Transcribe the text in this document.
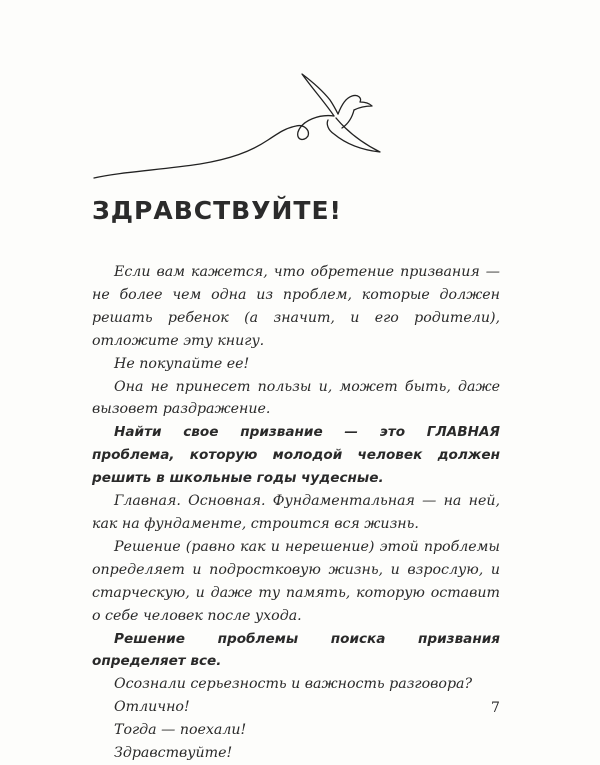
ЗДРАВСТВУЙТЕ!

Если вам кажется, что обретение призвания — не более чем одна из проблем, которые должен решать ребенок (а значит, и его родители), отложите эту книгу.

Не покупайте ее!

Она не принесет пользы и, может быть, даже вызовет раздражение.

Найти свое призвание — это ГЛАВНАЯ проблема, которую молодой человек должен решить в школьные годы чудесные.

Главная. Основная. Фундаментальная — на ней, как на фундаменте, строится вся жизнь.

Решение (равно как и нерешение) этой проблемы определяет и подростковую жизнь, и взрослую, и старческую, и даже ту память, которую оставит о себе человек после ухода.

Решение проблемы поиска призвания определяет все.

Осознали серьезность и важность разговора?

Отлично!

Тогда — поехали!

Здравствуйте!

7
